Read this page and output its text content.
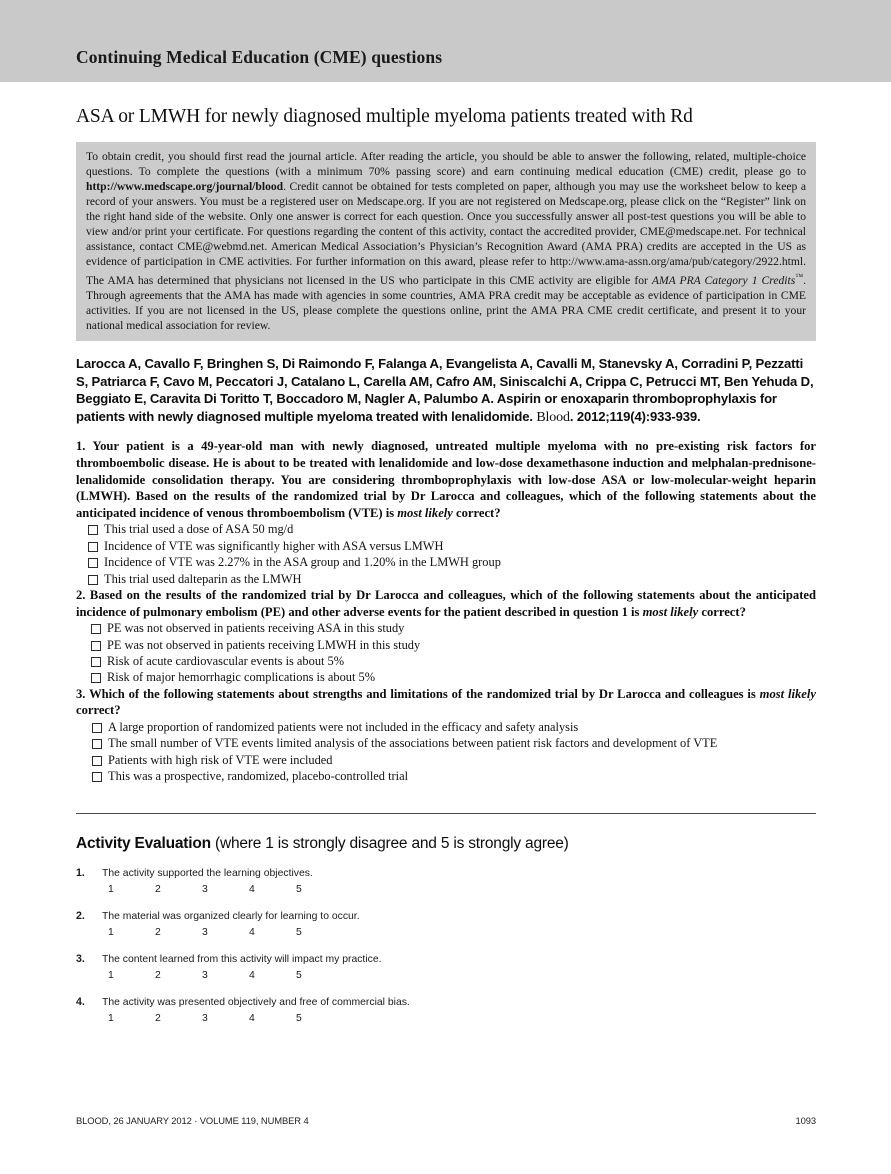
Continuing Medical Education (CME) questions
ASA or LMWH for newly diagnosed multiple myeloma patients treated with Rd
To obtain credit, you should first read the journal article. After reading the article, you should be able to answer the following, related, multiple-choice questions. To complete the questions (with a minimum 70% passing score) and earn continuing medical education (CME) credit, please go to http://www.medscape.org/journal/blood. Credit cannot be obtained for tests completed on paper, although you may use the worksheet below to keep a record of your answers. You must be a registered user on Medscape.org. If you are not registered on Medscape.org, please click on the “Register” link on the right hand side of the website. Only one answer is correct for each question. Once you successfully answer all post-test questions you will be able to view and/or print your certificate. For questions regarding the content of this activity, contact the accredited provider, CME@medscape.net. For technical assistance, contact CME@webmd.net. American Medical Association’s Physician’s Recognition Award (AMA PRA) credits are accepted in the US as evidence of participation in CME activities. For further information on this award, please refer to http://www.ama-assn.org/ama/pub/category/2922.html. The AMA has determined that physicians not licensed in the US who participate in this CME activity are eligible for AMA PRA Category 1 Credits™. Through agreements that the AMA has made with agencies in some countries, AMA PRA credit may be acceptable as evidence of participation in CME activities. If you are not licensed in the US, please complete the questions online, print the AMA PRA CME credit certificate, and present it to your national medical association for review.
Larocca A, Cavallo F, Bringhen S, Di Raimondo F, Falanga A, Evangelista A, Cavalli M, Stanevsky A, Corradini P, Pezzatti S, Patriarca F, Cavo M, Peccatori J, Catalano L, Carella AM, Cafro AM, Siniscalchi A, Crippa C, Petrucci MT, Ben Yehuda D, Beggiato E, Caravita Di Toritto T, Boccadoro M, Nagler A, Palumbo A. Aspirin or enoxaparin thromboprophylaxis for patients with newly diagnosed multiple myeloma treated with lenalidomide. Blood. 2012;119(4):933-939.
1. Your patient is a 49-year-old man with newly diagnosed, untreated multiple myeloma with no pre-existing risk factors for thromboembolic disease. He is about to be treated with lenalidomide and low-dose dexamethasone induction and melphalan-prednisone-lenalidomide consolidation therapy. You are considering thromboprophylaxis with low-dose ASA or low-molecular-weight heparin (LMWH). Based on the results of the randomized trial by Dr Larocca and colleagues, which of the following statements about the anticipated incidence of venous thromboembolism (VTE) is most likely correct?
This trial used a dose of ASA 50 mg/d
Incidence of VTE was significantly higher with ASA versus LMWH
Incidence of VTE was 2.27% in the ASA group and 1.20% in the LMWH group
This trial used dalteparin as the LMWH
2. Based on the results of the randomized trial by Dr Larocca and colleagues, which of the following statements about the anticipated incidence of pulmonary embolism (PE) and other adverse events for the patient described in question 1 is most likely correct?
PE was not observed in patients receiving ASA in this study
PE was not observed in patients receiving LMWH in this study
Risk of acute cardiovascular events is about 5%
Risk of major hemorrhagic complications is about 5%
3. Which of the following statements about strengths and limitations of the randomized trial by Dr Larocca and colleagues is most likely correct?
A large proportion of randomized patients were not included in the efficacy and safety analysis
The small number of VTE events limited analysis of the associations between patient risk factors and development of VTE
Patients with high risk of VTE were included
This was a prospective, randomized, placebo-controlled trial
Activity Evaluation (where 1 is strongly disagree and 5 is strongly agree)
1. The activity supported the learning objectives.
1	2	3	4	5
2. The material was organized clearly for learning to occur.
1	2	3	4	5
3. The content learned from this activity will impact my practice.
1	2	3	4	5
4. The activity was presented objectively and free of commercial bias.
1	2	3	4	5
BLOOD, 26 JANUARY 2012 · VOLUME 119, NUMBER 4	1093
